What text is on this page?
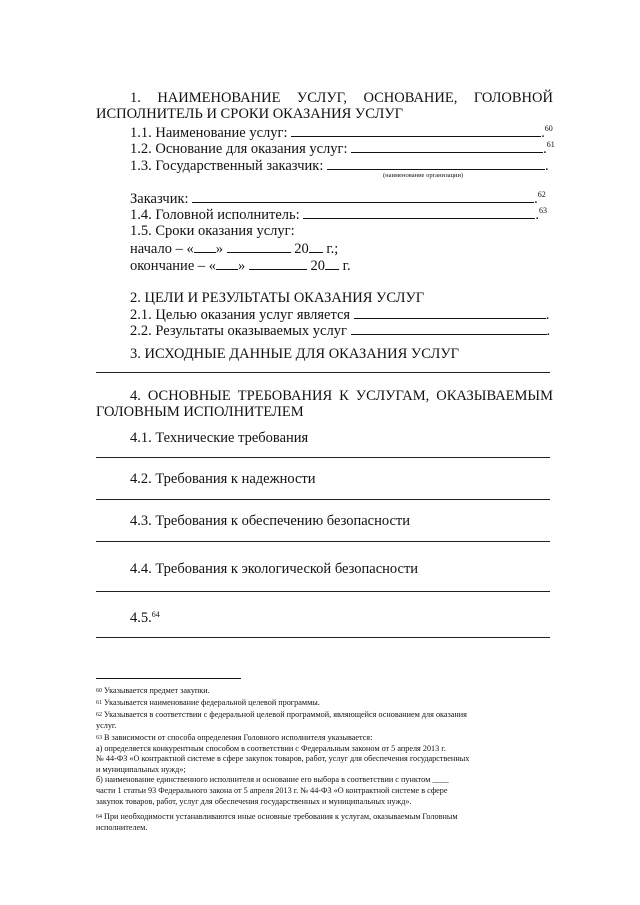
1. НАИМЕНОВАНИЕ УСЛУГ, ОСНОВАНИЕ, ГОЛОВНОЙ
ИСПОЛНИТЕЛЬ И СРОКИ ОКАЗАНИЯ УСЛУГ
1.1. Наименование услуг:	.$^{60}$
1.2. Основание для оказания услуг:	.$^{61}$
1.3. Государственный заказчик:	.
(наименование организации)
Заказчик:	.$^{62}$
1.4. Головной исполнитель:	.$^{63}$
1.5. Сроки оказания услуг:
начало – « »	20 г.;
окончание – « »	20 г.
2. ЦЕЛИ И РЕЗУЛЬТАТЫ ОКАЗАНИЯ УСЛУГ
2.1. Целью оказания услуг является	.
2.2. Результаты оказываемых услуг	.
3. ИСХОДНЫЕ ДАННЫЕ ДЛЯ ОКАЗАНИЯ УСЛУГ
4. ОСНОВНЫЕ ТРЕБОВАНИЯ К УСЛУГАМ, ОКАЗЫВАЕМЫМ
ГОЛОВНЫМ ИСПОЛНИТЕЛЕМ
4.1. Технические требования
4.2. Требования к надежности
4.3. Требования к обеспечению безопасности
4.4. Требования к экологической безопасности
4.5.64
$^{60}$ Указывается предмет закупки.
$^{61}$ Указывается наименование федеральной целевой программы.
$^{62}$ Указывается в соответствии с федеральной целевой программой, являющейся основанием для оказания
услуг.
$^{63}$ В зависимости от способа определения Головного исполнителя указывается:
а) определяется конкурентным способом в соответствии с Федеральным законом от 5 апреля 2013 г.
№ 44-ФЗ «О контрактной системе в сфере закупок товаров, работ, услуг для обеспечения государственных
и муниципальных нужд»;
б) наименование единственного исполнителя и основание его выбора в соответствии с пунктом ____
части 1 статьи 93 Федерального закона от 5 апреля 2013 г. № 44-ФЗ «О контрактной системе в сфере
закупок товаров, работ, услуг для обеспечения государственных и муниципальных нужд».
$^{64}$ При необходимости устанавливаются иные основные требования к услугам, оказываемым Головным
исполнителем.
